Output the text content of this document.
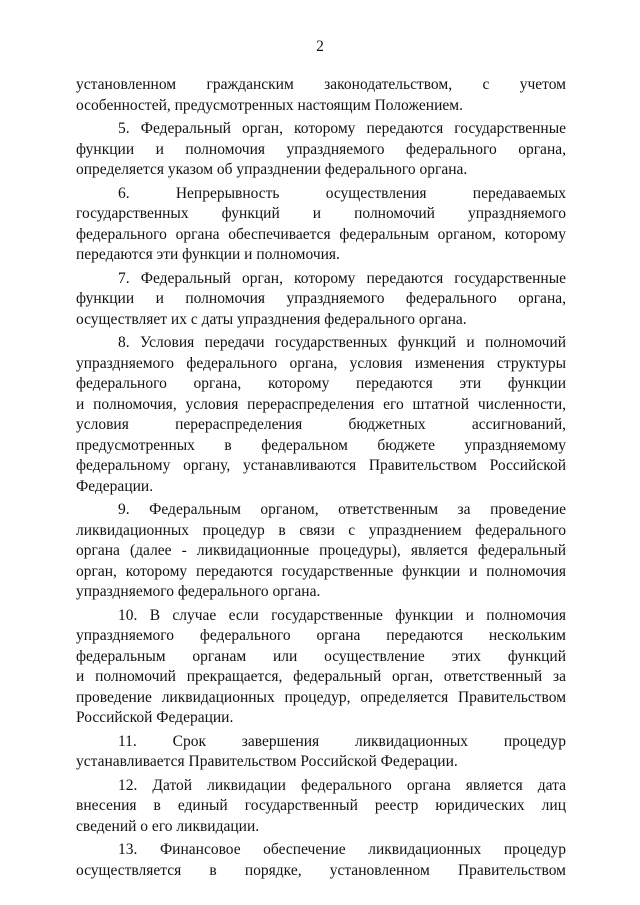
2
установленном гражданским законодательством, с учетом
особенностей, предусмотренных настоящим Положением.
5. Федеральный орган, которому передаются государственные
функции и полномочия упраздняемого федерального органа,
определяется указом об упразднении федерального органа.
6. Непрерывность осуществления передаваемых
государственных функций и полномочий упраздняемого
федерального органа обеспечивается федеральным органом, которому
передаются эти функции и полномочия.
7. Федеральный орган, которому передаются государственные
функции и полномочия упраздняемого федерального органа,
осуществляет их с даты упразднения федерального органа.
8. Условия передачи государственных функций и полномочий
упраздняемого федерального органа, условия изменения структуры
федерального органа, которому передаются эти функции
и полномочия, условия перераспределения его штатной численности,
условия перераспределения бюджетных ассигнований,
предусмотренных в федеральном бюджете упраздняемому
федеральному органу, устанавливаются Правительством Российской
Федерации.
9. Федеральным органом, ответственным за проведение
ликвидационных процедур в связи с упразднением федерального
органа (далее - ликвидационные процедуры), является федеральный
орган, которому передаются государственные функции и полномочия
упраздняемого федерального органа.
10. В случае если государственные функции и полномочия
упраздняемого федерального органа передаются нескольким
федеральным органам или осуществление этих функций
и полномочий прекращается, федеральный орган, ответственный за
проведение ликвидационных процедур, определяется Правительством
Российской Федерации.
11. Срок завершения ликвидационных процедур
устанавливается Правительством Российской Федерации.
12. Датой ликвидации федерального органа является дата
внесения в единый государственный реестр юридических лиц
сведений о его ликвидации.
13. Финансовое обеспечение ликвидационных процедур
осуществляется в порядке, установленном Правительством
